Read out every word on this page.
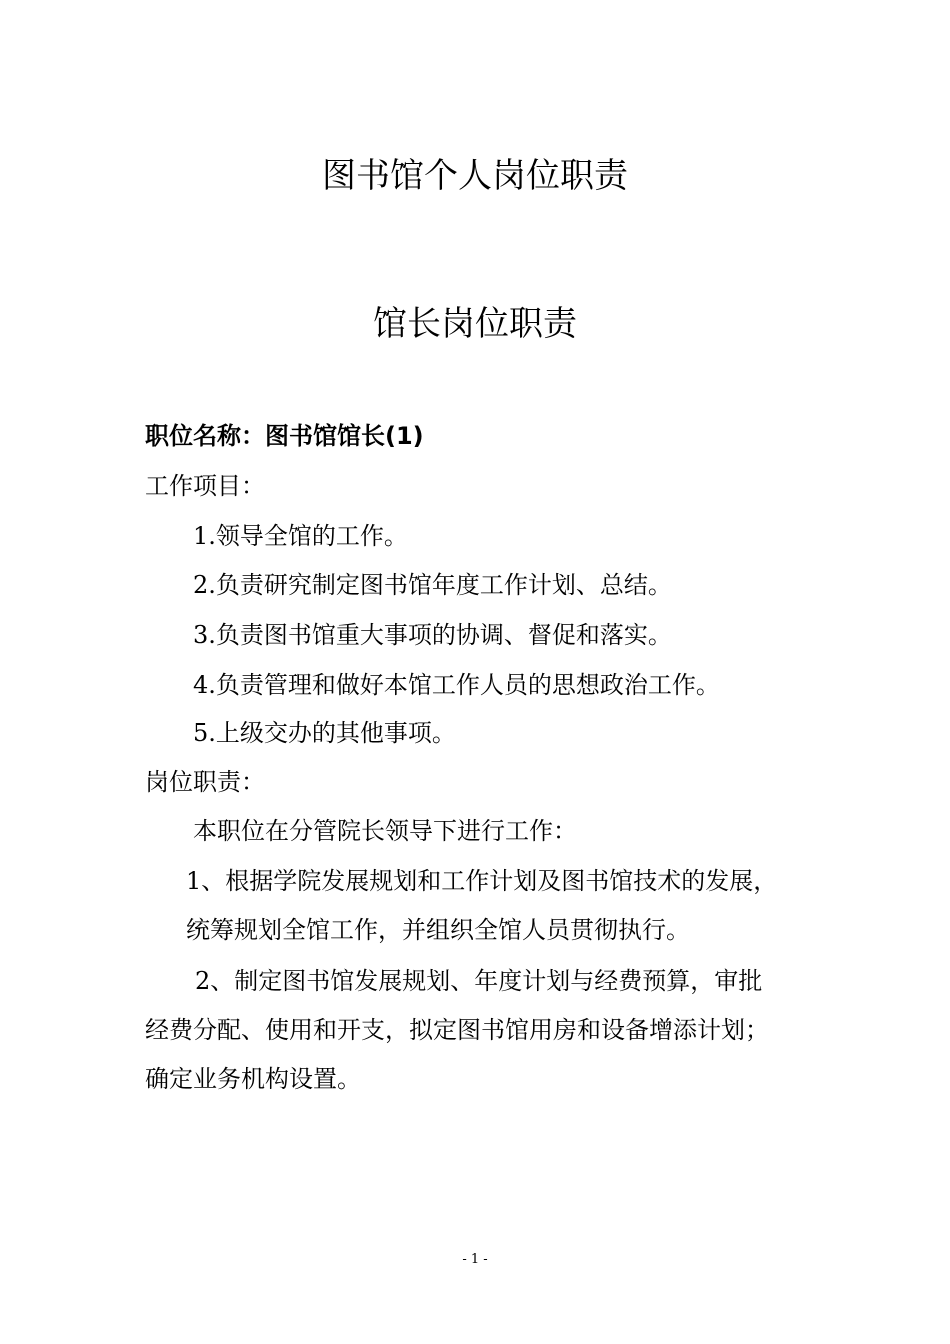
图书馆个人岗位职责
馆长岗位职责

职位名称：图书馆馆长(1)

工作项目：

1.领导全馆的工作。

2.负责研究制定图书馆年度工作计划、总结。

3.负责图书馆重大事项的协调、督促和落实。

4.负责管理和做好本馆工作人员的思想政治工作。

5.上级交办的其他事项。

岗位职责：

本职位在分管院长领导下进行工作：

1、根据学院发展规划和工作计划及图书馆技术的发展，

统筹规划全馆工作，并组织全馆人员贯彻执行。

2、制定图书馆发展规划、年度计划与经费预算，审批

经费分配、使用和开支，拟定图书馆用房和设备增添计划；

确定业务机构设置。

- 1 -
